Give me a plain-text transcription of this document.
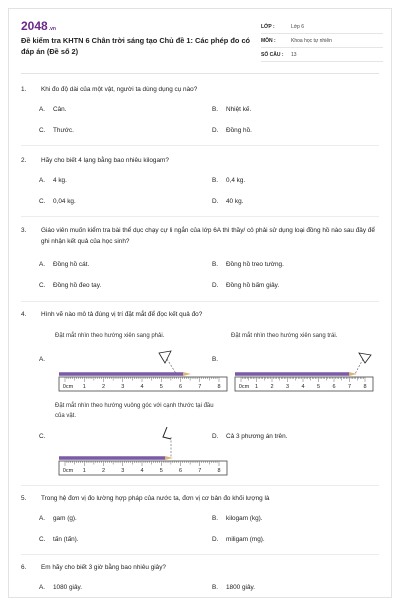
2048.vn
Đề kiểm tra KHTN 6 Chân trời sáng tạo Chủ đề 1: Các phép đo có đáp án (Đề số 2)
LỚP :	Lớp 6
MÔN :	Khoa học tự nhiên
SỐ CÂU :	13
1.	Khi đo độ dài của một vật, người ta dùng dụng cụ nào?
A. Cân.	B. Nhiệt kế.
C. Thước.	D. Đồng hồ.
2.	Hãy cho biết 4 lạng bằng bao nhiêu kilogam?
A. 4 kg.	B. 0,4 kg.
C. 0,04 kg.	D. 40 kg.
3.	Giáo viên muốn kiểm tra bài thể dục chạy cự li ngắn của lớp 6A thì thầy/ cô phải sử dụng loại đồng hồ nào sau đây để ghi nhận kết quả của học sinh?
A. Đồng hồ cát.	B. Đồng hồ treo tường.
C. Đồng hồ đeo tay.	D. Đồng hồ bấm giây.
4.	Hình vẽ nào mô tả đúng vị trí đặt mắt để đọc kết quả đo?
Đặt mắt nhìn theo hướng xiên sang phải.
A.
0cm 1	2	3	4	5	6	7	8
Đặt mắt nhìn theo hướng xiên sang trái.
B.
0cm 1 2 3 4 5 6 7 8
Đặt mắt nhìn theo hướng vuông góc với cạnh thước tại đầu của vật.
C.
0cm 1	2	3	4	5	6	7	8
D. Cả 3 phương án trên.
5.	Trong hệ đơn vị đo lường hợp pháp của nước ta, đơn vị cơ bản đo khối lượng là
A. gam (g).	B. kilogam (kg).
C. tấn (tấn).	D. miligam (mg).
6.	Em hãy cho biết 3 giờ bằng bao nhiêu giây?
A. 1080 giây.	B. 1800 giây.
